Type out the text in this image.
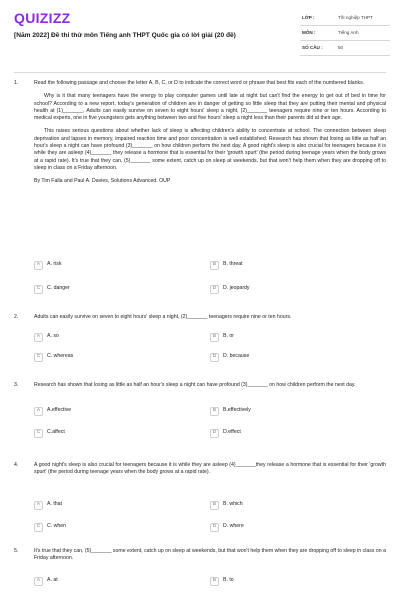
QUIZIZZ
[Năm 2022] Đề thi thử môn Tiếng anh THPT Quốc gia có lời giải (20 đề)
LỚP :	Tốt nghiệp THPT
MÔN :	Tiếng Anh
SỐ CÂU :	50
1.	Read the following passage and choose the letter A, B, C, or D to indicate the correct word or phrase that best fits each of the numbered blanks.

Why is it that many teenagers have the energy to play computer games until late at night but can't find the energy to get out of bed in time for school? According to a new report, today's generation of children are in danger of getting so little sleep that they are putting their mental and physical health at (1)_______. Adults can easily survive on seven to eight hours' sleep a night, (2)_______ teenagers require nine or ten hours. According to medical experts, one in five youngsters gets anything between two and five hours' sleep a night less than their parents did at their age.

This raises serious questions about whether lack of sleep is affecting children's ability to concentrate at school. The connection between sleep deprivation and lapses in memory, impaired reaction time and poor concentration is well established. Research has shown that losing as little as half an hour's sleep a night can have profound (3)_______ on how children perform the next day. A good night's sleep is also crucial for teenagers because it is while they are asleep (4)_______ they release a hormone that is essential for their 'growth spurt' (the period during teenage years when the body grows at a rapid rate). It's true that they can, (5)_______ some extent, catch up on sleep at weekends, but that won't help them when they are dropping off to sleep in class on a Friday afternoon.

By Tim Falla and Paul A. Davies, Solutions Advanced. OUP

A	A. risk	B	B. threat
C	C. danger	D	D. jeopardy
2.	Adults can easily survive on seven to eight hours' sleep a night, (2)_______ teenagers require nine or ten hours.

A	A. so	B	B. or
C	C. whereas	D	D. because
3.	Research has shown that losing as little as half an hour's sleep a night can have profound (3)_______ on how children perform the next day.

A	A.effective	B	B.effectively
C	C.affect	D	D.effect
4.	A good night's sleep is also crucial for teenagers because it is while they are asleep (4)_______they release a hormone that is essential for their 'growth spurt' (the period during teenage years when the body grows at a rapid rate).

A	A. that	B	B. which
C	C. when	D	D. where
5.	It's true that they can, (5)_______ some extent, catch up on sleep at weekends, but that won't help them when they are dropping off to sleep in class on a Friday afternoon.

A	A. at	B	B. to
